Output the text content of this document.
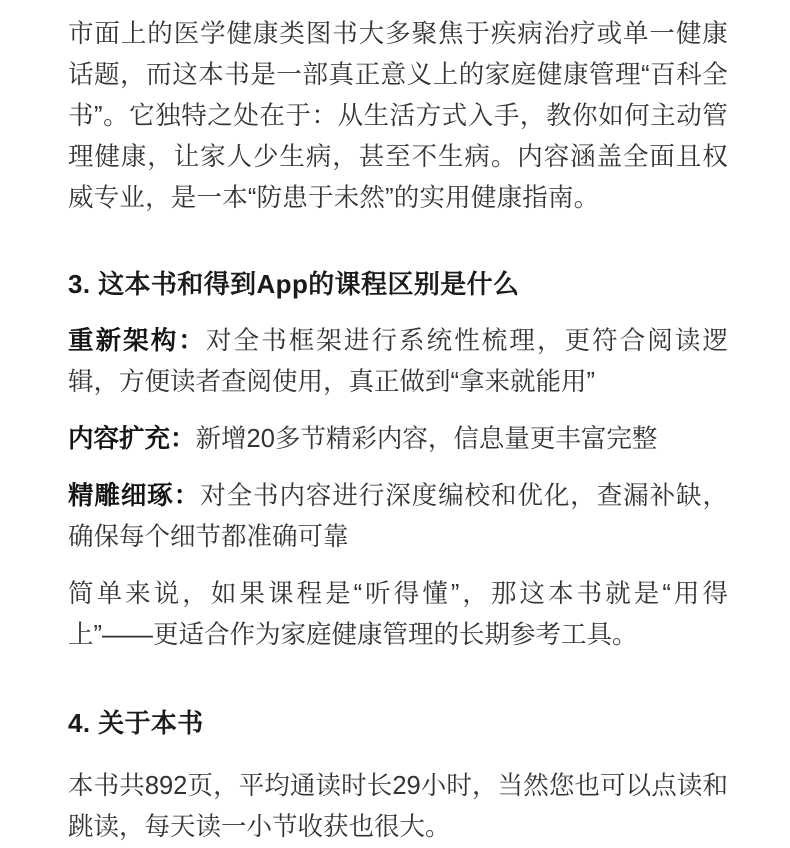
市面上的医学健康类图书大多聚焦于疾病治疗或单一健康话题，而这本书是一部真正意义上的家庭健康管理“百科全书”。它独特之处在于：从生活方式入手，教你如何主动管理健康，让家人少生病，甚至不生病。内容涵盖全面且权威专业，是一本“防患于未然”的实用健康指南。

3. 这本书和得到App的课程区别是什么

重新架构：对全书框架进行系统性梳理，更符合阅读逻辑，方便读者查阅使用，真正做到“拿来就能用”

内容扩充：新增20多节精彩内容，信息量更丰富完整

精雕细琢：对全书内容进行深度编校和优化，查漏补缺，确保每个细节都准确可靠

简单来说，如果课程是“听得懂”，那这本书就是“用得上”——更适合作为家庭健康管理的长期参考工具。

4. 关于本书

本书共892页，平均通读时长29小时，当然您也可以点读和跳读，每天读一小节收获也很大。
